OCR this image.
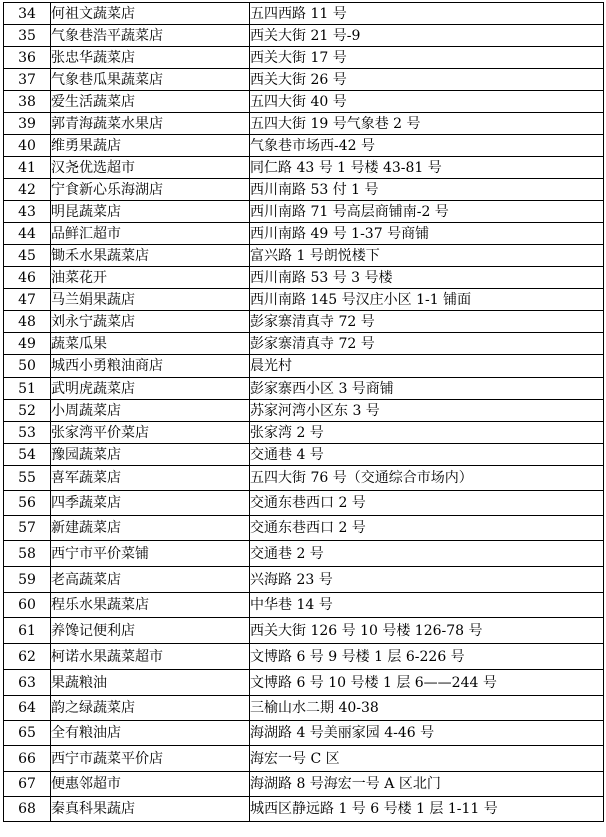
34	何祖文蔬菜店	五四西路 11 号
35	气象巷浩平蔬菜店	西关大街 21 号-9
36	张忠华蔬菜店	西关大街 17 号
37	气象巷瓜果蔬菜店	西关大街 26 号
38	爱生活蔬菜店	五四大街 40 号
39	郭青海蔬菜水果店	五四大街 19 号气象巷 2 号
40	维勇果蔬店	气象巷市场西-42 号
41	汉尧优选超市	同仁路 43 号 1 号楼 43-81 号
42	宁食新心乐海湖店	西川南路 53 付 1 号
43	明昆蔬菜店	西川南路 71 号高层商铺南-2 号
44	品鲜汇超市	西川南路 49 号 1-37 号商铺
45	锄禾水果蔬菜店	富兴路 1 号朗悦楼下
46	油菜花开	西川南路 53 号 3 号楼
47	马兰娟果蔬店	西川南路 145 号汉庄小区 1-1 铺面
48	刘永宁蔬菜店	彭家寨清真寺 72 号
49	蔬菜瓜果	彭家寨清真寺 72 号
50	城西小勇粮油商店	晨光村
51	武明虎蔬菜店	彭家寨西小区 3 号商铺
52	小周蔬菜店	苏家河湾小区东 3 号
53	张家湾平价菜店	张家湾 2 号
54	豫园蔬菜店	交通巷 4 号
55	喜军蔬菜店	五四大街 76 号（交通综合市场内）
56	四季蔬菜店	交通东巷西口 2 号
57	新建蔬菜店	交通东巷西口 2 号
58	西宁市平价菜铺	交通巷 2 号
59	老高蔬菜店	兴海路 23 号
60	程乐水果蔬菜店	中华巷 14 号
61	养馋记便利店	西关大街 126 号 10 号楼 126-78 号
62	柯诺水果蔬菜超市	文博路 6 号 9 号楼 1 层 6-226 号
63	果蔬粮油	文博路 6 号 10 号楼 1 层 6——244 号
64	韵之绿蔬菜店	三榆山水二期 40-38
65	全有粮油店	海湖路 4 号美丽家园 4-46 号
66	西宁市蔬菜平价店	海宏一号 C 区
67	便惠邻超市	海湖路 8 号海宏一号 A 区北门
68	秦真科果蔬店	城西区静远路 1 号 6 号楼 1 层 1-11 号
